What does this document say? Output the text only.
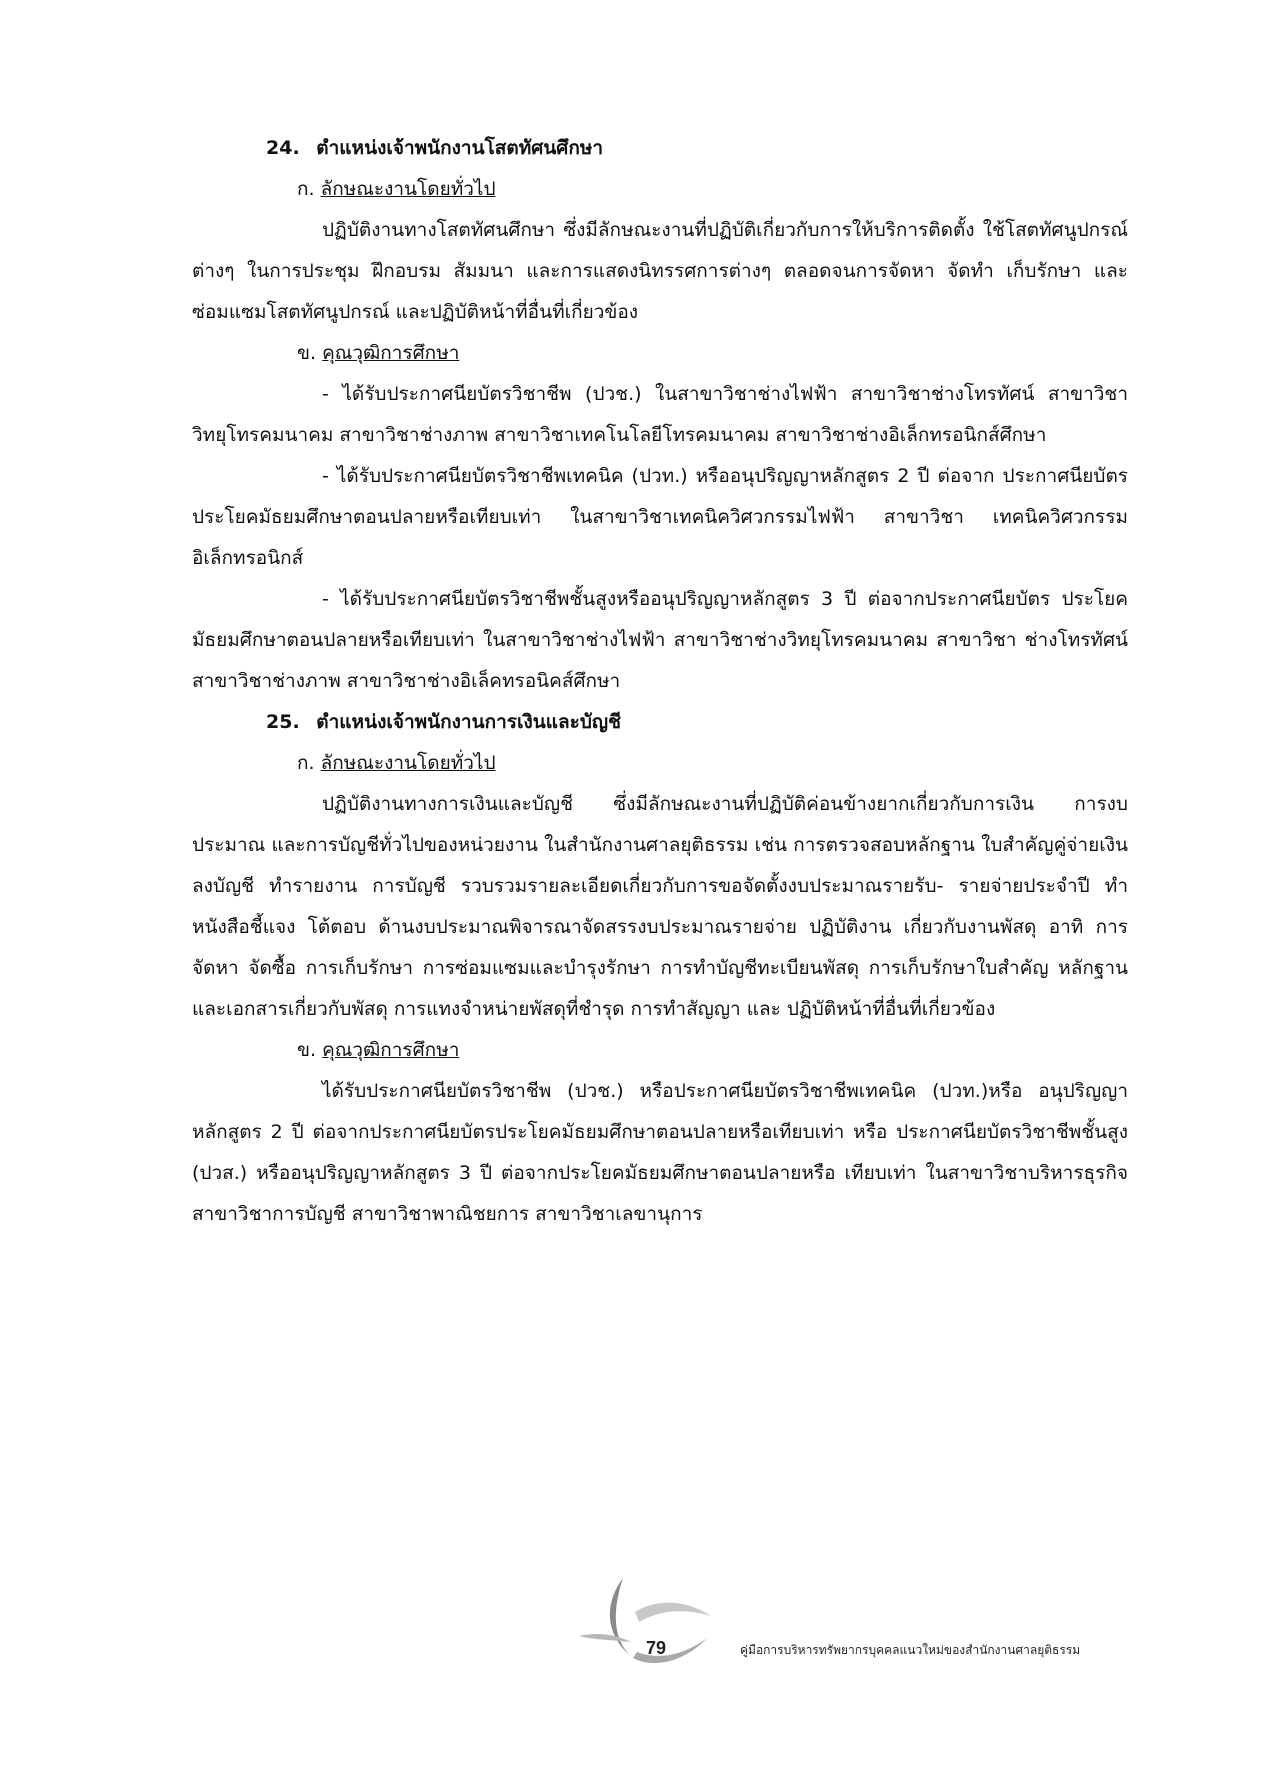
24. ตำแหน่งเจ้าพนักงานโสตทัศนศึกษา
ก. ลักษณะงานโดยทั่วไป

ปฏิบัติงานทางโสตทัศนศึกษา ซึ่งมีลักษณะงานที่ปฏิบัติเกี่ยวกับการให้บริการติดตั้ง ใช้โสตทัศนูปกรณ์ต่างๆ ในการประชุม ฝึกอบรม สัมมนา และการแสดงนิทรรศการต่างๆ ตลอดจนการจัดหา จัดทำ เก็บรักษา และซ่อมแซมโสตทัศนูปกรณ์ และปฏิบัติหน้าที่อื่นที่เกี่ยวข้อง

ข. คุณวุฒิการศึกษา

- ได้รับประกาศนียบัตรวิชาชีพ (ปวช.) ในสาขาวิชาช่างไฟฟ้า สาขาวิชาช่างโทรทัศน์ สาขาวิชา วิทยุโทรคมนาคม สาขาวิชาช่างภาพ สาขาวิชาเทคโนโลยีโทรคมนาคม สาขาวิชาช่างอิเล็กทรอนิกส์ศึกษา

- ได้รับประกาศนียบัตรวิชาชีพเทคนิค (ปวท.) หรืออนุปริญญาหลักสูตร 2 ปี ต่อจาก ประกาศนียบัตรประโยคมัธยมศึกษาตอนปลายหรือเทียบเท่า ในสาขาวิชาเทคนิควิศวกรรมไฟฟ้า สาขาวิชา เทคนิควิศวกรรมอิเล็กทรอนิกส์

- ได้รับประกาศนียบัตรวิชาชีพชั้นสูงหรืออนุปริญญาหลักสูตร 3 ปี ต่อจากประกาศนียบัตร ประโยคมัธยมศึกษาตอนปลายหรือเทียบเท่า ในสาขาวิชาช่างไฟฟ้า สาขาวิชาช่างวิทยุโทรคมนาคม สาขาวิชา ช่างโทรทัศน์ สาขาวิชาช่างภาพ สาขาวิชาช่างอิเล็คทรอนิคส์ศึกษา

25. ตำแหน่งเจ้าพนักงานการเงินและบัญชี
ก. ลักษณะงานโดยทั่วไป

ปฏิบัติงานทางการเงินและบัญชี ซึ่งมีลักษณะงานที่ปฏิบัติค่อนข้างยากเกี่ยวกับการเงิน การงบประมาณ และการบัญชีทั่วไปของหน่วยงาน ในสำนักงานศาลยุติธรรม เช่น การตรวจสอบหลักฐาน ใบสำคัญคู่จ่ายเงิน ลงบัญชี ทำรายงาน การบัญชี รวบรวมรายละเอียดเกี่ยวกับการขอจัดตั้งงบประมาณรายรับ- รายจ่ายประจำปี ทำหนังสือชี้แจง โต้ตอบ ด้านงบประมาณพิจารณาจัดสรรงบประมาณรายจ่าย ปฏิบัติงาน เกี่ยวกับงานพัสดุ อาทิ การจัดหา จัดซื้อ การเก็บรักษา การซ่อมแซมและบำรุงรักษา การทำบัญชีทะเบียนพัสดุ การเก็บรักษาใบสำคัญ หลักฐานและเอกสารเกี่ยวกับพัสดุ การแทงจำหน่ายพัสดุที่ชำรุด การทำสัญญา และ ปฏิบัติหน้าที่อื่นที่เกี่ยวข้อง

ข. คุณวุฒิการศึกษา

ได้รับประกาศนียบัตรวิชาชีพ (ปวช.) หรือประกาศนียบัตรวิชาชีพเทคนิค (ปวท.)หรือ อนุปริญญาหลักสูตร 2 ปี ต่อจากประกาศนียบัตรประโยคมัธยมศึกษาตอนปลายหรือเทียบเท่า หรือ ประกาศนียบัตรวิชาชีพชั้นสูง (ปวส.) หรืออนุปริญญาหลักสูตร 3 ปี ต่อจากประโยคมัธยมศึกษาตอนปลายหรือ เทียบเท่า ในสาขาวิชาบริหารธุรกิจ สาขาวิชาการบัญชี สาขาวิชาพาณิชยการ สาขาวิชาเลขานุการ

79	คู่มือการบริหารทรัพยากรบุคคลแนวใหม่ของสำนักงานศาลยุติธรรม
